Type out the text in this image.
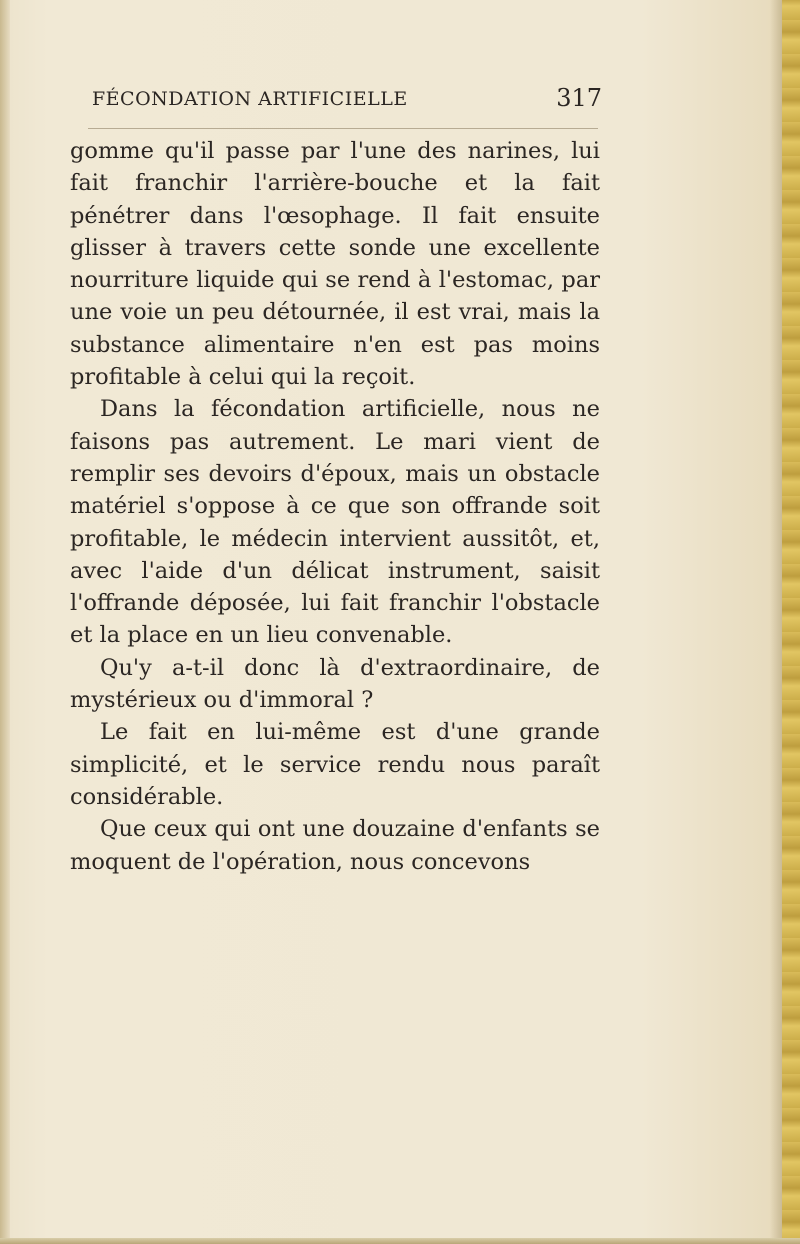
FÉCONDATION ARTIFICIELLE	317

gomme qu'il passe par l'une des narines, lui fait franchir l'arrière-bouche et la fait pénétrer dans l'œsophage. Il fait ensuite glisser à travers cette sonde une excellente nourriture liquide qui se rend à l'estomac, par une voie un peu détournée, il est vrai, mais la substance alimentaire n'en est pas moins profitable à celui qui la reçoit.

Dans la fécondation artificielle, nous ne faisons pas autrement. Le mari vient de remplir ses devoirs d'époux, mais un obstacle matériel s'oppose à ce que son offrande soit profitable, le médecin intervient aussitôt, et, avec l'aide d'un délicat instrument, saisit l'offrande déposée, lui fait franchir l'obstacle et la place en un lieu convenable.

Qu'y a-t-il donc là d'extraordinaire, de mystérieux ou d'immoral ?

Le fait en lui-même est d'une grande simplicité, et le service rendu nous paraît considérable.

Que ceux qui ont une douzaine d'enfants se moquent de l'opération, nous concevons
